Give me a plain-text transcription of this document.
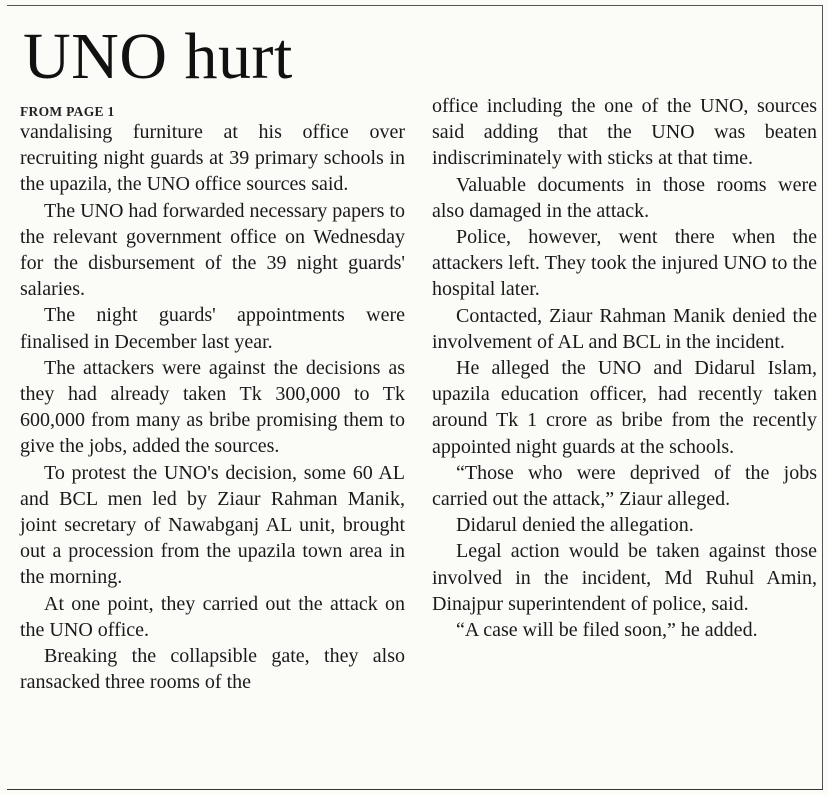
UNO hurt
FROM PAGE 1

vandalising furniture at his office over recruiting night guards at 39 primary schools in the upazila, the UNO office sources said.

The UNO had forwarded necessary papers to the relevant government office on Wednesday for the disbursement of the 39 night guards' salaries.

The night guards' appointments were finalised in December last year.

The attackers were against the decisions as they had already taken Tk 300,000 to Tk 600,000 from many as bribe promising them to give the jobs, added the sources.

To protest the UNO's decision, some 60 AL and BCL men led by Ziaur Rahman Manik, joint secretary of Nawabganj AL unit, brought out a procession from the upazila town area in the morning.

At one point, they carried out the attack on the UNO office.

Breaking the collapsible gate, they also ransacked three rooms of the

office including the one of the UNO, sources said adding that the UNO was beaten indiscriminately with sticks at that time.

Valuable documents in those rooms were also damaged in the attack.

Police, however, went there when the attackers left. They took the injured UNO to the hospital later.

Contacted, Ziaur Rahman Manik denied the involvement of AL and BCL in the incident.

He alleged the UNO and Didarul Islam, upazila education officer, had recently taken around Tk 1 crore as bribe from the recently appointed night guards at the schools.

“Those who were deprived of the jobs carried out the attack,” Ziaur alleged.

Didarul denied the allegation.

Legal action would be taken against those involved in the incident, Md Ruhul Amin, Dinajpur superintendent of police, said.

“A case will be filed soon,” he added.
